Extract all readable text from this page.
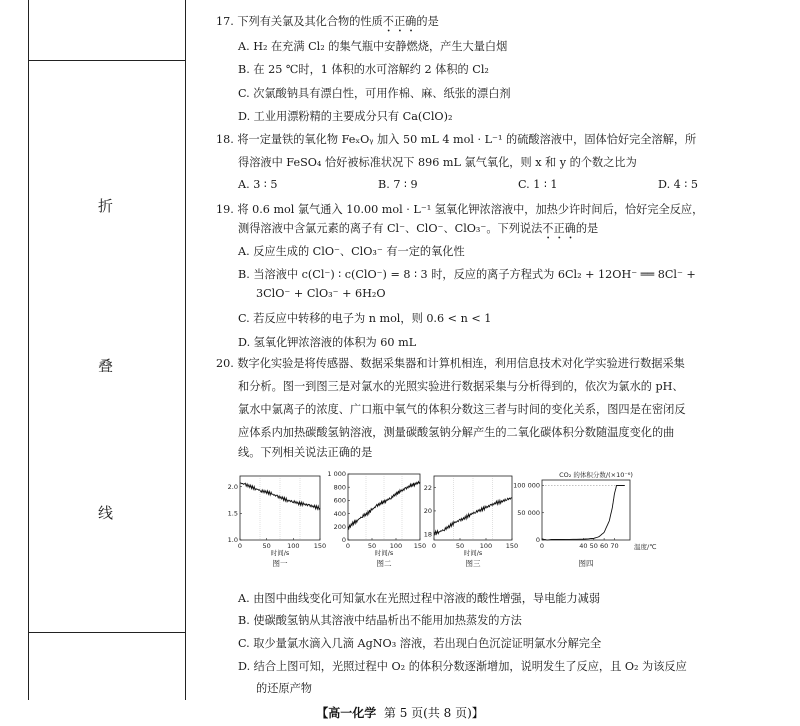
折
叠
线
17. 下列有关氯及其化合物的性质不正确的是
A. H₂ 在充满 Cl₂ 的集气瓶中安静燃烧，产生大量白烟
B. 在 25 ℃时，1 体积的水可溶解约 2 体积的 Cl₂
C. 次氯酸钠具有漂白性，可用作棉、麻、纸张的漂白剂
D. 工业用漂粉精的主要成分只有 Ca(ClO)₂
18. 将一定量铁的氧化物 FeₓOᵧ 加入 50 mL 4 mol · L⁻¹ 的硫酸溶液中，固体恰好完全溶解，所
得溶液中 FeSO₄ 恰好被标准状况下 896 mL 氯气氧化，则 x 和 y 的个数之比为
A. 3 ∶ 5	B. 7 ∶ 9	C. 1 ∶ 1	D. 4 ∶ 5
19. 将 0.6 mol 氯气通入 10.00 mol · L⁻¹ 氢氧化钾浓溶液中，加热少许时间后，恰好完全反应，
测得溶液中含氯元素的离子有 Cl⁻、ClO⁻、ClO₃⁻。下列说法不正确的是
A. 反应生成的 ClO⁻、ClO₃⁻ 有一定的氧化性
B. 当溶液中 c(Cl⁻) ∶ c(ClO⁻) = 8 ∶ 3 时，反应的离子方程式为 6Cl₂ + 12OH⁻ ══ 8Cl⁻ +
3ClO⁻ + ClO₃⁻ + 6H₂O
C. 若反应中转移的电子为 n mol，则 0.6 < n < 1
D. 氢氧化钾浓溶液的体积为 60 mL
20. 数字化实验是将传感器、数据采集器和计算机相连，利用信息技术对化学实验进行数据采集
和分析。图一到图三是对氯水的光照实验进行数据采集与分析得到的，依次为氯水的 pH、
氯水中氯离子的浓度、广口瓶中氧气的体积分数这三者与时间的变化关系，图四是在密闭反
应体系内加热碳酸氢钠溶液，测量碳酸氢钠分解产生的二氧化碳体积分数随温度变化的曲
线。下列相关说法正确的是
A. 由图中曲线变化可知氯水在光照过程中溶液的酸性增强，导电能力减弱
B. 使碳酸氢钠从其溶液中结晶析出不能用加热蒸发的方法
C. 取少量氯水滴入几滴 AgNO₃ 溶液，若出现白色沉淀证明氯水分解完全
D. 结合上图可知，光照过程中 O₂ 的体积分数逐渐增加，说明发生了反应，且 O₂ 为该反应
的还原产物
0	50	100 150
1.0
1.5
2.0
时间/s
图一
0	50 100 150
0
200
400
600
800
1 000
时间/s
图二
0	50 100 150
18
20
22
时间/s
图三
0	40 50 60 70
0
50 000
100 000
温度/℃
图四
CO₂ 的体积分数/(×10⁻⁶)
【高一化学 第 5 页(共 8 页)】
